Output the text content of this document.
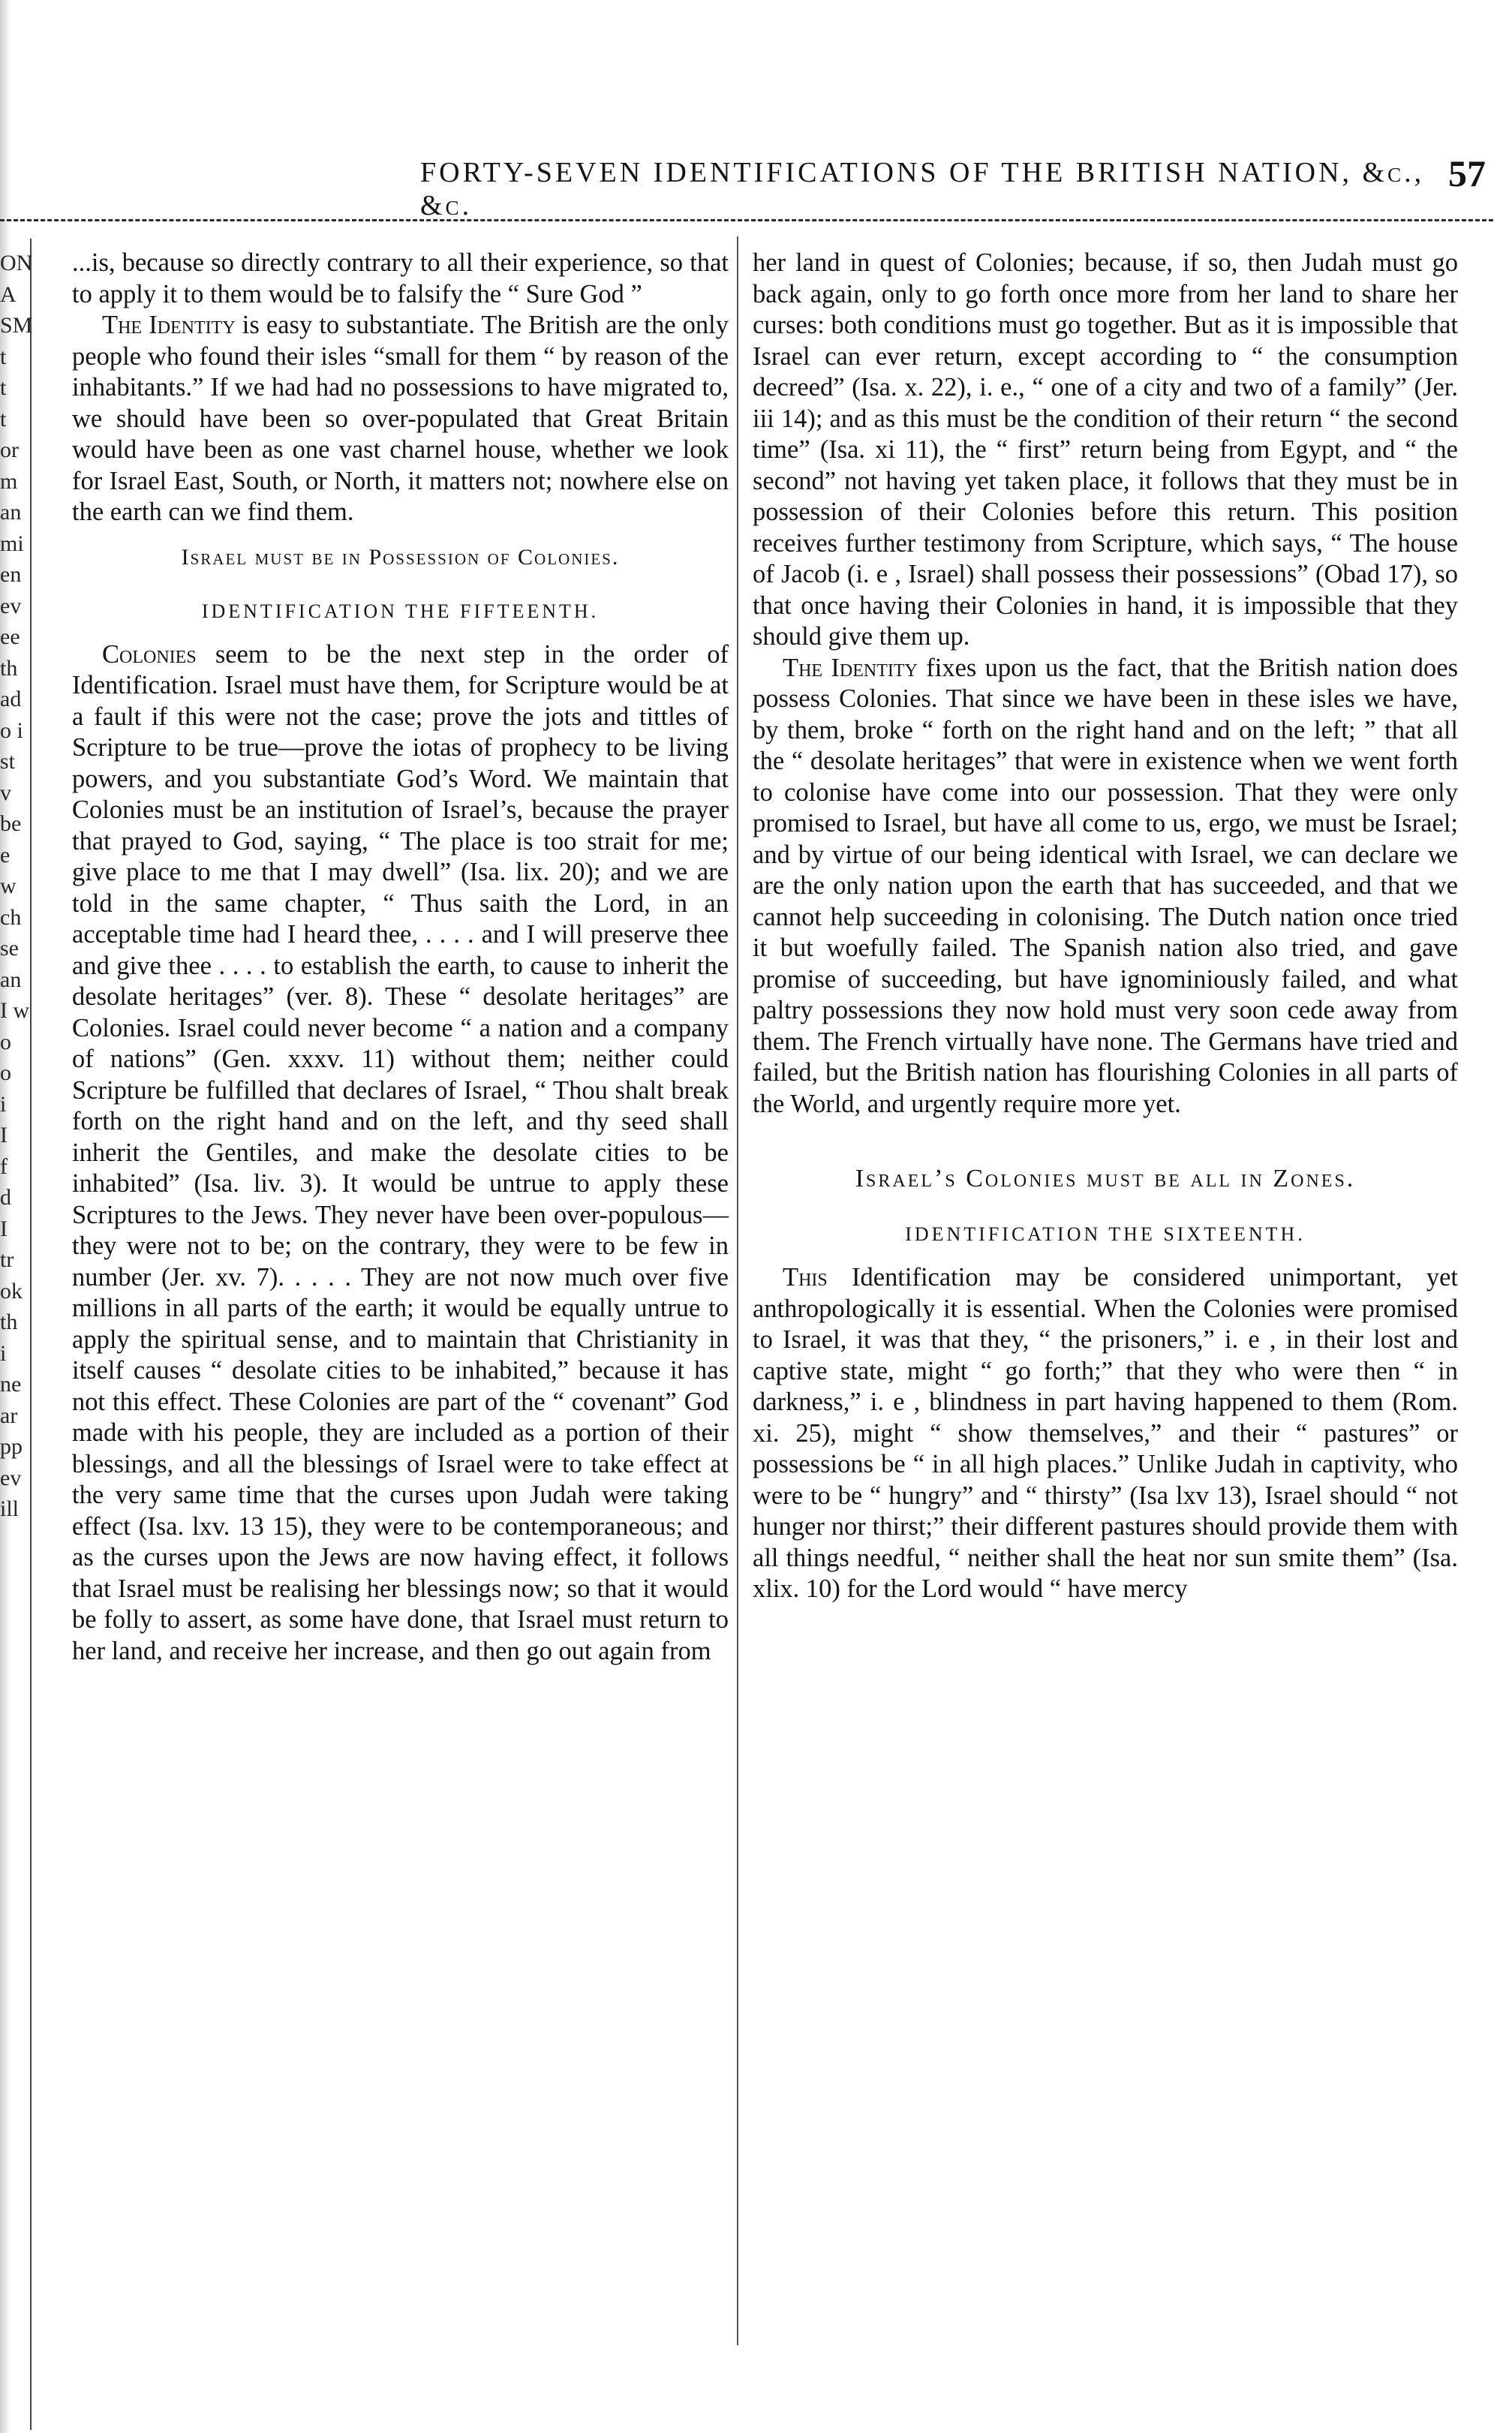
FORTY-SEVEN IDENTIFICATIONS OF THE BRITISH NATION, &c., &c.
57
ON
A
SM
t
t
t
or
m
an
mi
en
ev
ee
th
ad
o i
st
v
be
e
w
ch
se
an
I w
o
o
i
I
f
d
I
tr
ok
th
i
ne
ar
pp
ev
ill

...is, because so directly contrary to all their experience, so that to apply it to them would be to falsify the “ Sure God ”

The Identity is easy to substantiate. The British are the only people who found their isles “small for them “ by reason of the inhabitants.” If we had had no possessions to have migrated to, we should have been so over-populated that Great Britain would have been as one vast charnel house, whether we look for Israel East, South, or North, it matters not; nowhere else on the earth can we find them.

Israel must be in Possession of Colonies.
IDENTIFICATION THE FIFTEENTH.

Colonies seem to be the next step in the order of Identification. Israel must have them, for Scripture would be at a fault if this were not the case; prove the jots and tittles of Scripture to be true—prove the iotas of prophecy to be living powers, and you substantiate God’s Word. We maintain that Colonies must be an institution of Israel’s, because the prayer that prayed to God, saying, “ The place is too strait for me; give place to me that I may dwell” (Isa. lix. 20); and we are told in the same chapter, “ Thus saith the Lord, in an acceptable time had I heard thee, . . . . and I will preserve thee and give thee . . . . to establish the earth, to cause to inherit the desolate heritages” (ver. 8). These “ desolate heritages” are Colonies. Israel could never become “ a nation and a company of nations” (Gen. xxxv. 11) without them; neither could Scripture be fulfilled that declares of Israel, “ Thou shalt break forth on the right hand and on the left, and thy seed shall inherit the Gentiles, and make the desolate cities to be inhabited” (Isa. liv. 3). It would be untrue to apply these Scriptures to the Jews. They never have been over-populous—they were not to be; on the contrary, they were to be few in number (Jer. xv. 7). . . . . They are not now much over five millions in all parts of the earth; it would be equally untrue to apply the spiritual sense, and to maintain that Christianity in itself causes “ desolate cities to be inhabited,” because it has not this effect. These Colonies are part of the “ covenant” God made with his people, they are included as a portion of their blessings, and all the blessings of Israel were to take effect at the very same time that the curses upon Judah were taking effect (Isa. lxv. 13 15), they were to be contemporaneous; and as the curses upon the Jews are now having effect, it follows that Israel must be realising her blessings now; so that it would be folly to assert, as some have done, that Israel must return to her land, and receive her increase, and then go out again from

her land in quest of Colonies; because, if so, then Judah must go back again, only to go forth once more from her land to share her curses: both conditions must go together. But as it is impossible that Israel can ever return, except according to “ the consumption decreed” (Isa. x. 22), i. e., “ one of a city and two of a family” (Jer. iii 14); and as this must be the condition of their return “ the second time” (Isa. xi 11), the “ first” return being from Egypt, and “ the second” not having yet taken place, it follows that they must be in possession of their Colonies before this return. This position receives further testimony from Scripture, which says, “ The house of Jacob (i. e , Israel) shall possess their possessions” (Obad 17), so that once having their Colonies in hand, it is impossible that they should give them up.

The Identity fixes upon us the fact, that the British nation does possess Colonies. That since we have been in these isles we have, by them, broke “ forth on the right hand and on the left; ” that all the “ desolate heritages” that were in existence when we went forth to colonise have come into our possession. That they were only promised to Israel, but have all come to us, ergo, we must be Israel; and by virtue of our being identical with Israel, we can declare we are the only nation upon the earth that has succeeded, and that we cannot help succeeding in colonising. The Dutch nation once tried it but woefully failed. The Spanish nation also tried, and gave promise of succeeding, but have ignominiously failed, and what paltry possessions they now hold must very soon cede away from them. The French virtually have none. The Germans have tried and failed, but the British nation has flourishing Colonies in all parts of the World, and urgently require more yet.

Israel’s Colonies must be all in Zones.
IDENTIFICATION THE SIXTEENTH.

This Identification may be considered unimportant, yet anthropologically it is essential. When the Colonies were promised to Israel, it was that they, “ the prisoners,” i. e , in their lost and captive state, might “ go forth;” that they who were then “ in darkness,” i. e , blindness in part having happened to them (Rom. xi. 25), might “ show themselves,” and their “ pastures” or possessions be “ in all high places.” Unlike Judah in captivity, who were to be “ hungry” and “ thirsty” (Isa lxv 13), Israel should “ not hunger nor thirst;” their different pastures should provide them with all things needful, “ neither shall the heat nor sun smite them” (Isa. xlix. 10) for the Lord would “ have mercy
